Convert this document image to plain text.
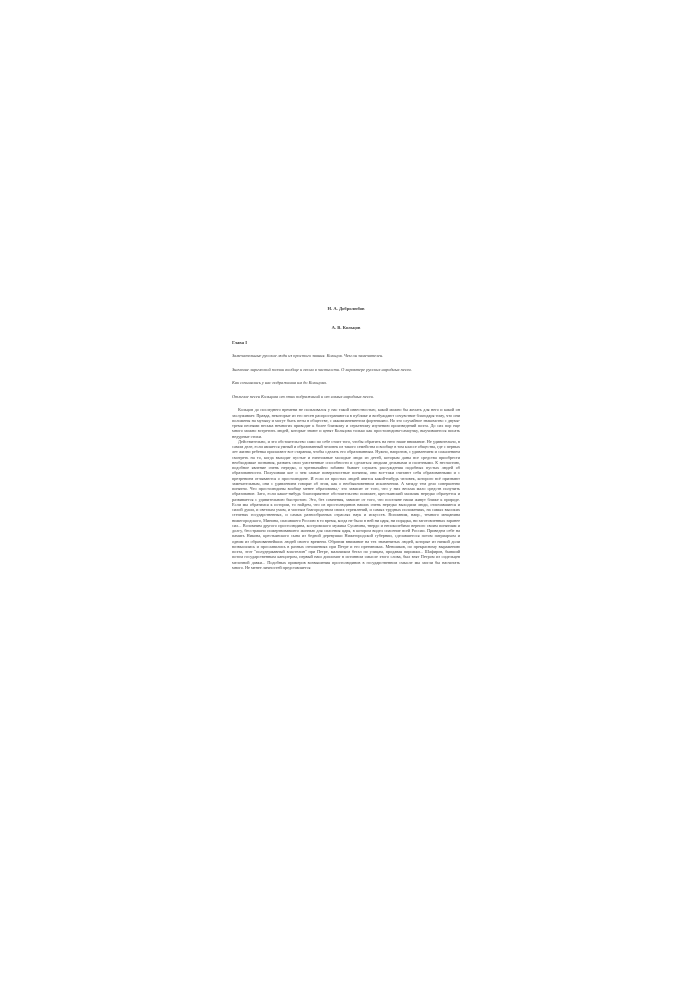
Н. А. Добролюбов
А. В. Кольцов
Глава I

Замечательные русские люди из простого звания. Кольцов. Чем он замечателен.

Значение лирической поэзии вообще и песни в частности. О характере русских народных песен.

Как сочинялись у нас подражания им до Кольцова.

Отличие песен Кольцова от этих подражаний и от самых народных песен.

Кольцов до последнего времени не пользовался у нас такой известностью, какой можно бы желать для него и какой он заслуживает. Правда, некоторые из его песен распространяются в публике и возбуждают сочувствие благодаря тому, что они положены на музыку и могут быть петы в обществе, с аккомпанементом фортепьяно. Но это случайное знакомство с двумя-тремя песнями весьма немногих приводит к более близкому и серьезному изучению произведений поэта. До сих пор еще много можно встретить людей, которые знают и ценят Кольцова только как простолюдина-самоучку, выучившегося писать недурные стихи.

Действительно, и это обстоятельство само по себе стоит того, чтобы обратить на него наше внимание. Не удивительно, в самом деле, если является умный и образованный человек из такого семейства и вообще в том классе общества, где с первых лет жизни ребенка прилагают все старания, чтобы сделать его образованным. Нужно, напротив, с удивлением и сожалением смотреть на то, когда выходят пустые и ничтожные молодые люди из детей, которым даны все средства приобрести необходимые познания, развить свои умственные способности и сделаться людьми дельными и полезными. К несчастию, подобное явление очень нередко, и чрезвычайно забавно бывает слушать рассуждения подобных пустых людей об образованности. Получивши кое о чем самые поверхностные понятия, они все-таки считают себя образованными и с презрением отзываются о простолюдине. И если из простых людей явится какой-нибудь человек, которого всё признают замечательным, они с удивлением говорят об этом, как о необыкновенном исключении. А между тем дело совершенно понятно. Что простолюдины вообще менее образованы,- это зависит от того, что у них весьма мало средств получить образование. Зато, если какое-нибудь благоприятное обстоятельство поможет, крестьянский мальчик нередко образуется и развивается с удивительною быстротою. Это, без сомнения, зависит от того, что поселяне наши живут ближе к природе. Если мы обратимся к истории, то найдем, что из простолюдинов наших очень нередко выходили люди, отличавшиеся и силой души, и светлым умом, и чистым благородством своих стремлений, и самых трудных положениях, на самых высоких степенях государственных, и самых разнообразных отраслях наук и искусств. Вспомним, напр., темного мещанина нижегородского, Минина, спасавшего Россию в то время, когда не было в ней ни царя, ни порядка, ни заготовленных заранее сил... Вспомним другого простолюдина, костромского мужика Сусанина, твердо и непоколебимо верного своим понятиям и долгу, бесстрашно пожертвовавшего жизнью для спасения царя, в котором видел спасение всей России. Приведем себе на память Никона, крестьянского сына из бедной деревушки Нижегородской губернии, сделавшегося потом патриархом и одним из образованнейших людей своего времени. Обратим внимание на тех знаменитых людей, которые из низкой доли возвысились и прославились в разных отношениях при Петре и его преемниках. Меншиков, по прекрасному выражению поэта, этот "полудержавный властелин" при Петре, мальчиком бегал по улицам, продавая пирожки... Шафиров, бывший потом государственным канцлером, первый наш дипломат в истинном смысле этого слова, был взят Петром из сидельцев мелочной давки... Подобных примеров возвышения простолюдинов в государственном смысле мы могли бы насчитать много. Не менее личностей представляется
